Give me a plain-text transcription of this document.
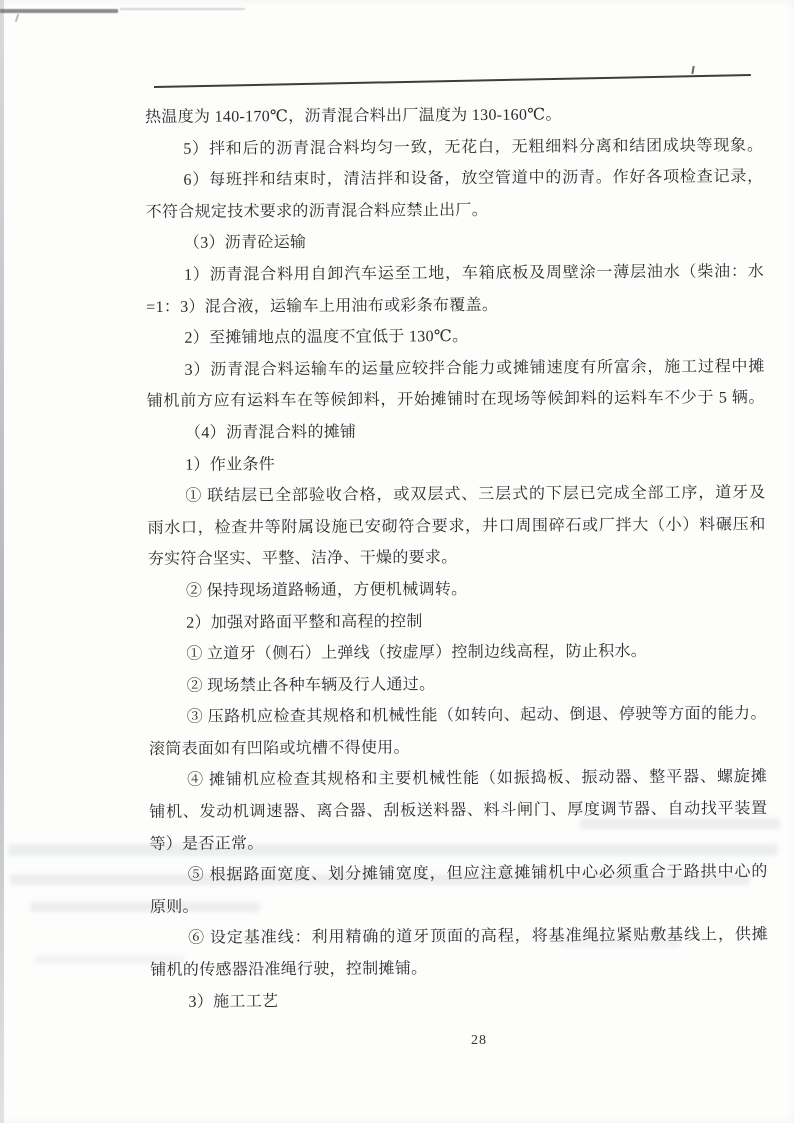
热温度为 140-170℃，沥青混合料出厂温度为 130-160℃。
5）拌和后的沥青混合料均匀一致，无花白，无粗细料分离和结团成块等现象。
6）每班拌和结束时，清洁拌和设备，放空管道中的沥青。作好各项检查记录，
不符合规定技术要求的沥青混合料应禁止出厂。
（3）沥青砼运输
1）沥青混合料用自卸汽车运至工地，车箱底板及周壁涂一薄层油水（柴油：水
=1：3）混合液，运输车上用油布或彩条布覆盖。
2）至摊铺地点的温度不宜低于 130℃。
3）沥青混合料运输车的运量应较拌合能力或摊铺速度有所富余，施工过程中摊
铺机前方应有运料车在等候卸料，开始摊铺时在现场等候卸料的运料车不少于 5 辆。
（4）沥青混合料的摊铺
1）作业条件
① 联结层已全部验收合格，或双层式、三层式的下层已完成全部工序，道牙及
雨水口，检查井等附属设施已安砌符合要求，井口周围碎石或厂拌大（小）料碾压和
夯实符合坚实、平整、洁净、干燥的要求。
② 保持现场道路畅通，方便机械调转。
2）加强对路面平整和高程的控制
① 立道牙（侧石）上弹线（按虚厚）控制边线高程，防止积水。
② 现场禁止各种车辆及行人通过。
③ 压路机应检查其规格和机械性能（如转向、起动、倒退、停驶等方面的能力。
滚筒表面如有凹陷或坑槽不得使用。
④ 摊铺机应检查其规格和主要机械性能（如振捣板、振动器、整平器、螺旋摊
铺机、发动机调速器、离合器、刮板送料器、料斗闸门、厚度调节器、自动找平装置
等）是否正常。
⑤ 根据路面宽度、划分摊铺宽度，但应注意摊铺机中心必须重合于路拱中心的
原则。
⑥ 设定基准线：利用精确的道牙顶面的高程，将基准绳拉紧贴敷基线上，供摊
铺机的传感器沿准绳行驶，控制摊铺。
3）施工工艺
28
